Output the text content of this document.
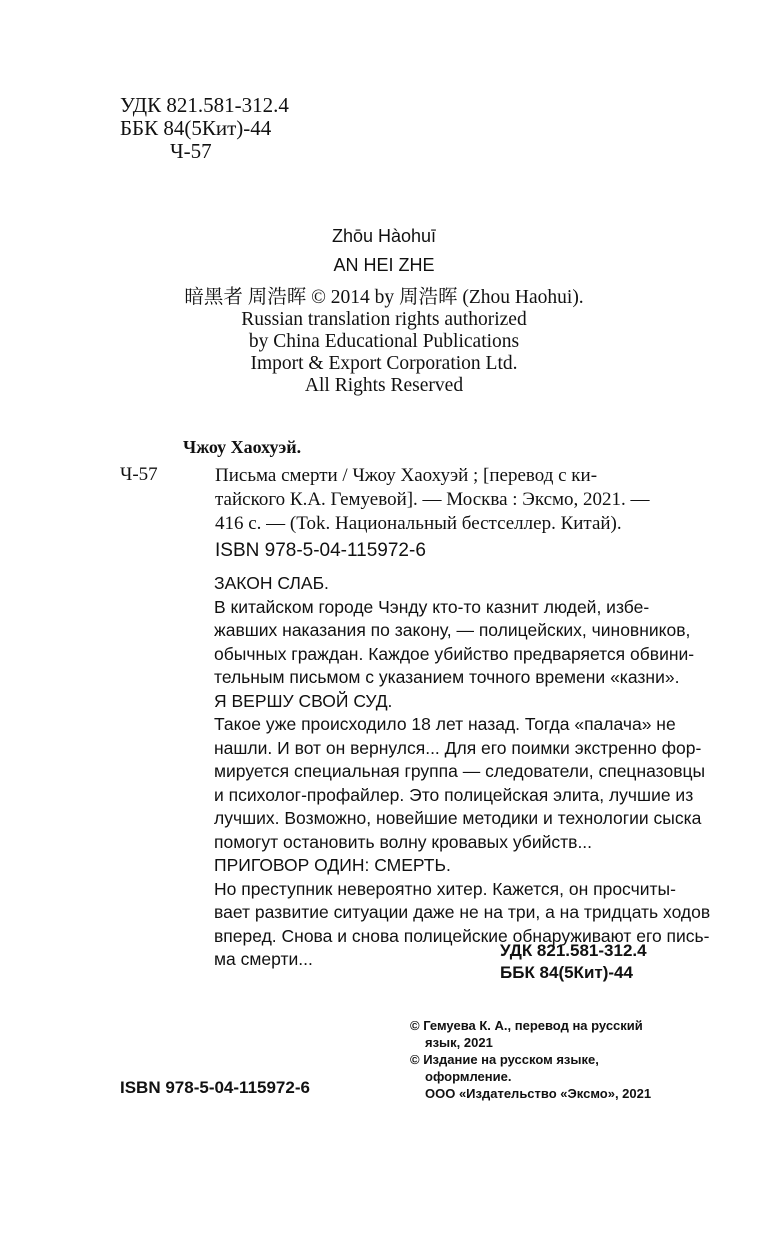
УДК 821.581-312.4
ББК 84(5Кит)-44
Ч-57
Zhōu Hàohuī
AN HEI ZHE
暗黑者 周浩晖 © 2014 by 周浩晖 (Zhou Haohui).
Russian translation rights authorized
by China Educational Publications
Import & Export Corporation Ltd.
All Rights Reserved
Чжоу Хаохуэй.
Ч-57	Письма смерти / Чжоу Хаохуэй ; [перевод с ки-
тайского К.А. Гемуевой]. — Москва : Эксмо, 2021. —
416 с. — (Tok. Национальный бестселлер. Китай).
ISBN 978-5-04-115972-6
ЗАКОН СЛАБ.
В китайском городе Чэнду кто-то казнит людей, избе-
жавших наказания по закону, — полицейских, чиновников,
обычных граждан. Каждое убийство предваряется обвини-
тельным письмом с указанием точного времени «казни».
Я ВЕРШУ СВОЙ СУД.
Такое уже происходило 18 лет назад. Тогда «палача» не
нашли. И вот он вернулся... Для его поимки экстренно фор-
мируется специальная группа — следователи, спецназовцы
и психолог-профайлер. Это полицейская элита, лучшие из
лучших. Возможно, новейшие методики и технологии сыска
помогут остановить волну кровавых убийств...
ПРИГОВОР ОДИН: СМЕРТЬ.
Но преступник невероятно хитер. Кажется, он просчиты-
вает развитие ситуации даже не на три, а на тридцать ходов
вперед. Снова и снова полицейские обнаруживают его пись-
ма смерти...	УДК 821.581-312.4
ББК 84(5Кит)-44
© Гемуева К. А., перевод на русский
язык, 2021
© Издание на русском языке,
оформление.
ООО «Издательство «Эксмо», 2021
ISBN 978-5-04-115972-6
